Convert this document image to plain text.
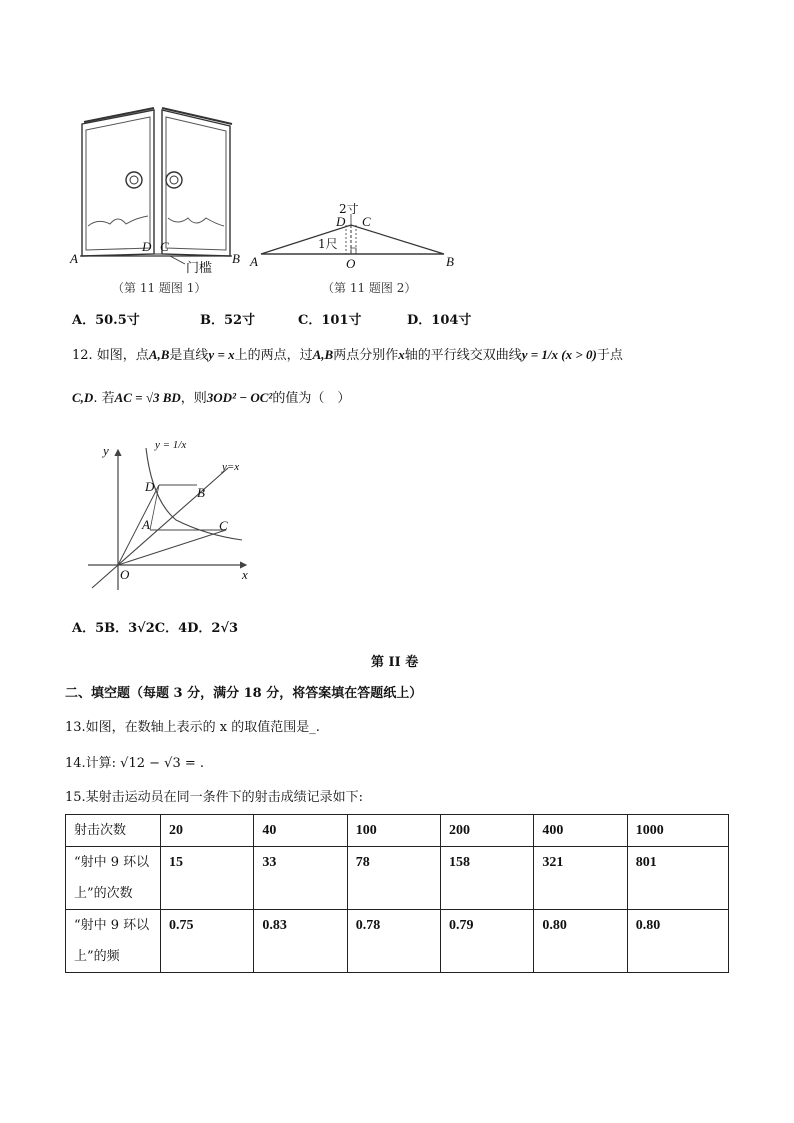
A
D C
B
门槛
（第 11 题图 1）
2寸
D C
1尺
A	O	B
（第 11 题图 2）
A．50.5寸	B．52寸	C．101寸	D．104寸
12. 如图，点A,B是直线y = x上的两点，过A,B两点分别作x轴的平行线交双曲线y = 1/x (x > 0)于点
C,D. 若AC = √3 BD，则3OD² − OC²的值为（　）
y
x
O
D	B
A	C
y = 1/x
y=x
A．5B．3√2C．4D．2√3
第 II 卷
二、填空题（每题 3 分，满分 18 分，将答案填在答题纸上）
13.如图，在数轴上表示的 x 的取值范围是_.
14.计算: √12 − √3 = .
15.某射击运动员在同一条件下的射击成绩记录如下:
射击次数	20	40	100	200	400	1000
“射中 9 环以上”的次数	15	33	78	158	321	801
“射中 9 环以上”的频	0.75	0.83	0.78	0.79	0.80	0.80
